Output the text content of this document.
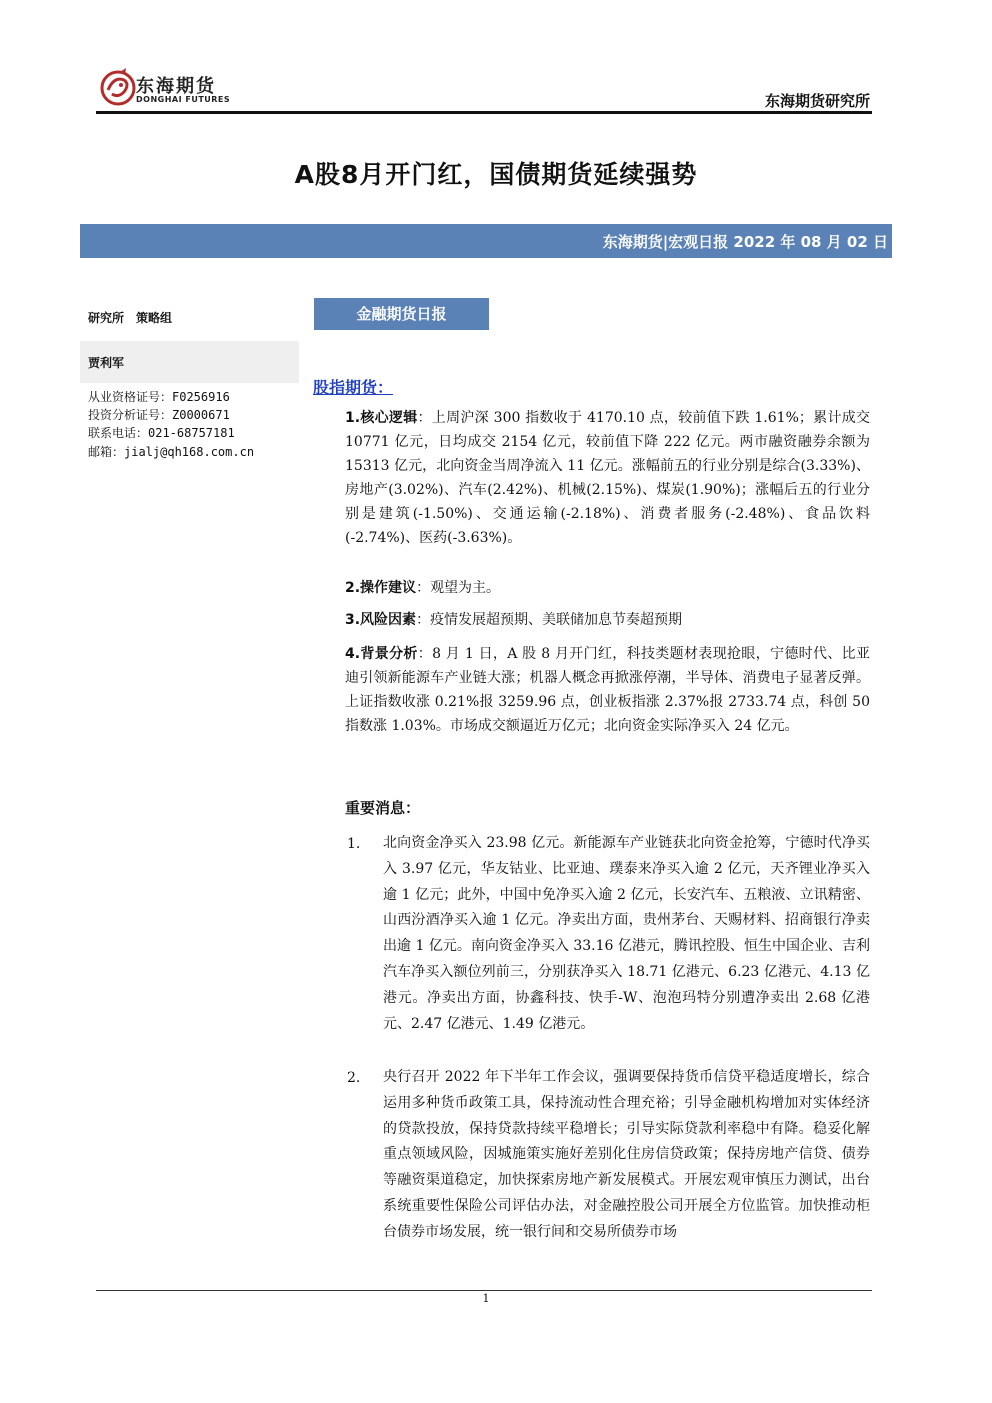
东海期货
DONGHAI FUTURES	东海期货研究所
A股8月开门红，国债期货延续强势
东海期货|宏观日报 2022 年 08 月 02 日
研究所　策略组
贾利军
从业资格证号：F0256916
投资分析证号：Z0000671
联系电话：021-68757181
邮箱：jialj@qh168.com.cn
金融期货日报
股指期货：
1.核心逻辑：上周沪深 300 指数收于 4170.10 点，较前值下跌 1.61%；累计成交 10771 亿元，日均成交 2154 亿元，较前值下降 222 亿元。两市融资融券余额为 15313 亿元，北向资金当周净流入 11 亿元。涨幅前五的行业分别是综合(3.33%)、房地产(3.02%)、汽车(2.42%)、机械(2.15%)、煤炭(1.90%)；涨幅后五的行业分别是建筑(-1.50%)、交通运输(-2.18%)、消费者服务(-2.48%)、食品饮料(-2.74%)、医药(-3.63%)。
2.操作建议：观望为主。
3.风险因素：疫情发展超预期、美联储加息节奏超预期
4.背景分析：8 月 1 日，A 股 8 月开门红，科技类题材表现抢眼，宁德时代、比亚迪引领新能源车产业链大涨；机器人概念再掀涨停潮，半导体、消费电子显著反弹。上证指数收涨 0.21%报 3259.96 点，创业板指涨 2.37%报 2733.74 点，科创 50 指数涨 1.03%。市场成交额逼近万亿元；北向资金实际净买入 24 亿元。
重要消息：
1. 北向资金净买入 23.98 亿元。新能源车产业链获北向资金抢筹，宁德时代净买入 3.97 亿元，华友钴业、比亚迪、璞泰来净买入逾 2 亿元，天齐锂业净买入逾 1 亿元；此外，中国中免净买入逾 2 亿元，长安汽车、五粮液、立讯精密、山西汾酒净买入逾 1 亿元。净卖出方面，贵州茅台、天赐材料、招商银行净卖出逾 1 亿元。南向资金净买入 33.16 亿港元，腾讯控股、恒生中国企业、吉利汽车净买入额位列前三，分别获净买入 18.71 亿港元、6.23 亿港元、4.13 亿港元。净卖出方面，协鑫科技、快手-W、泡泡玛特分别遭净卖出 2.68 亿港元、2.47 亿港元、1.49 亿港元。
2. 央行召开 2022 年下半年工作会议，强调要保持货币信贷平稳适度增长，综合运用多种货币政策工具，保持流动性合理充裕；引导金融机构增加对实体经济的贷款投放，保持贷款持续平稳增长；引导实际贷款利率稳中有降。稳妥化解重点领域风险，因城施策实施好差别化住房信贷政策；保持房地产信贷、债券等融资渠道稳定，加快探索房地产新发展模式。开展宏观审慎压力测试，出台系统重要性保险公司评估办法，对金融控股公司开展全方位监管。加快推动柜台债券市场发展，统一银行间和交易所债券市场
1
